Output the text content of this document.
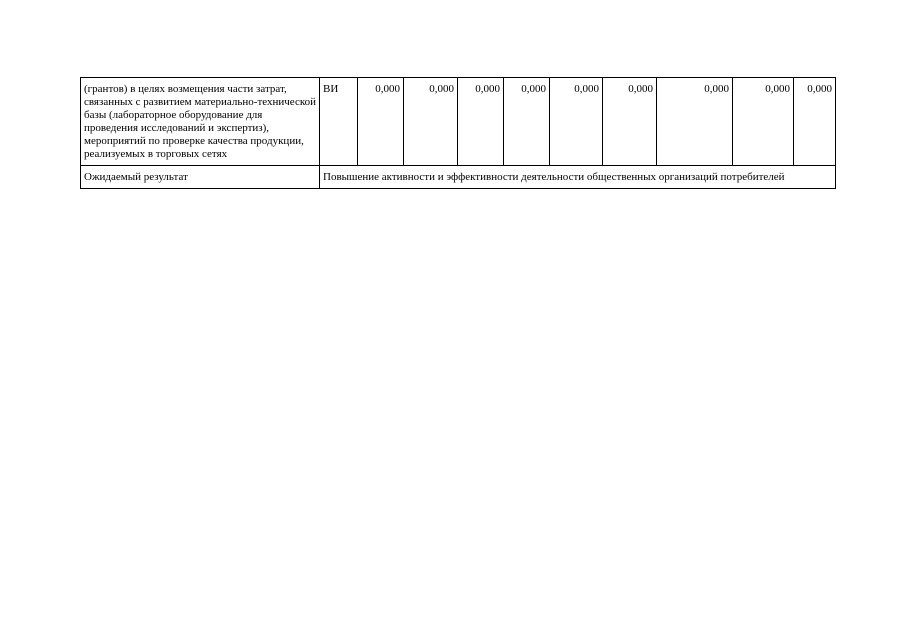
(грантов) в целях возмещения части затрат, связанных с развитием материально-технической базы (лабораторное оборудование для проведения исследований и экспертиз), мероприятий по проверке качества продукции, реализуемых в торговых сетях	ВИ	0,000	0,000	0,000	0,000	0,000	0,000	0,000	0,000	0,000
Ожидаемый результат	Повышение активности и эффективности деятельности общественных организаций потребителей									
